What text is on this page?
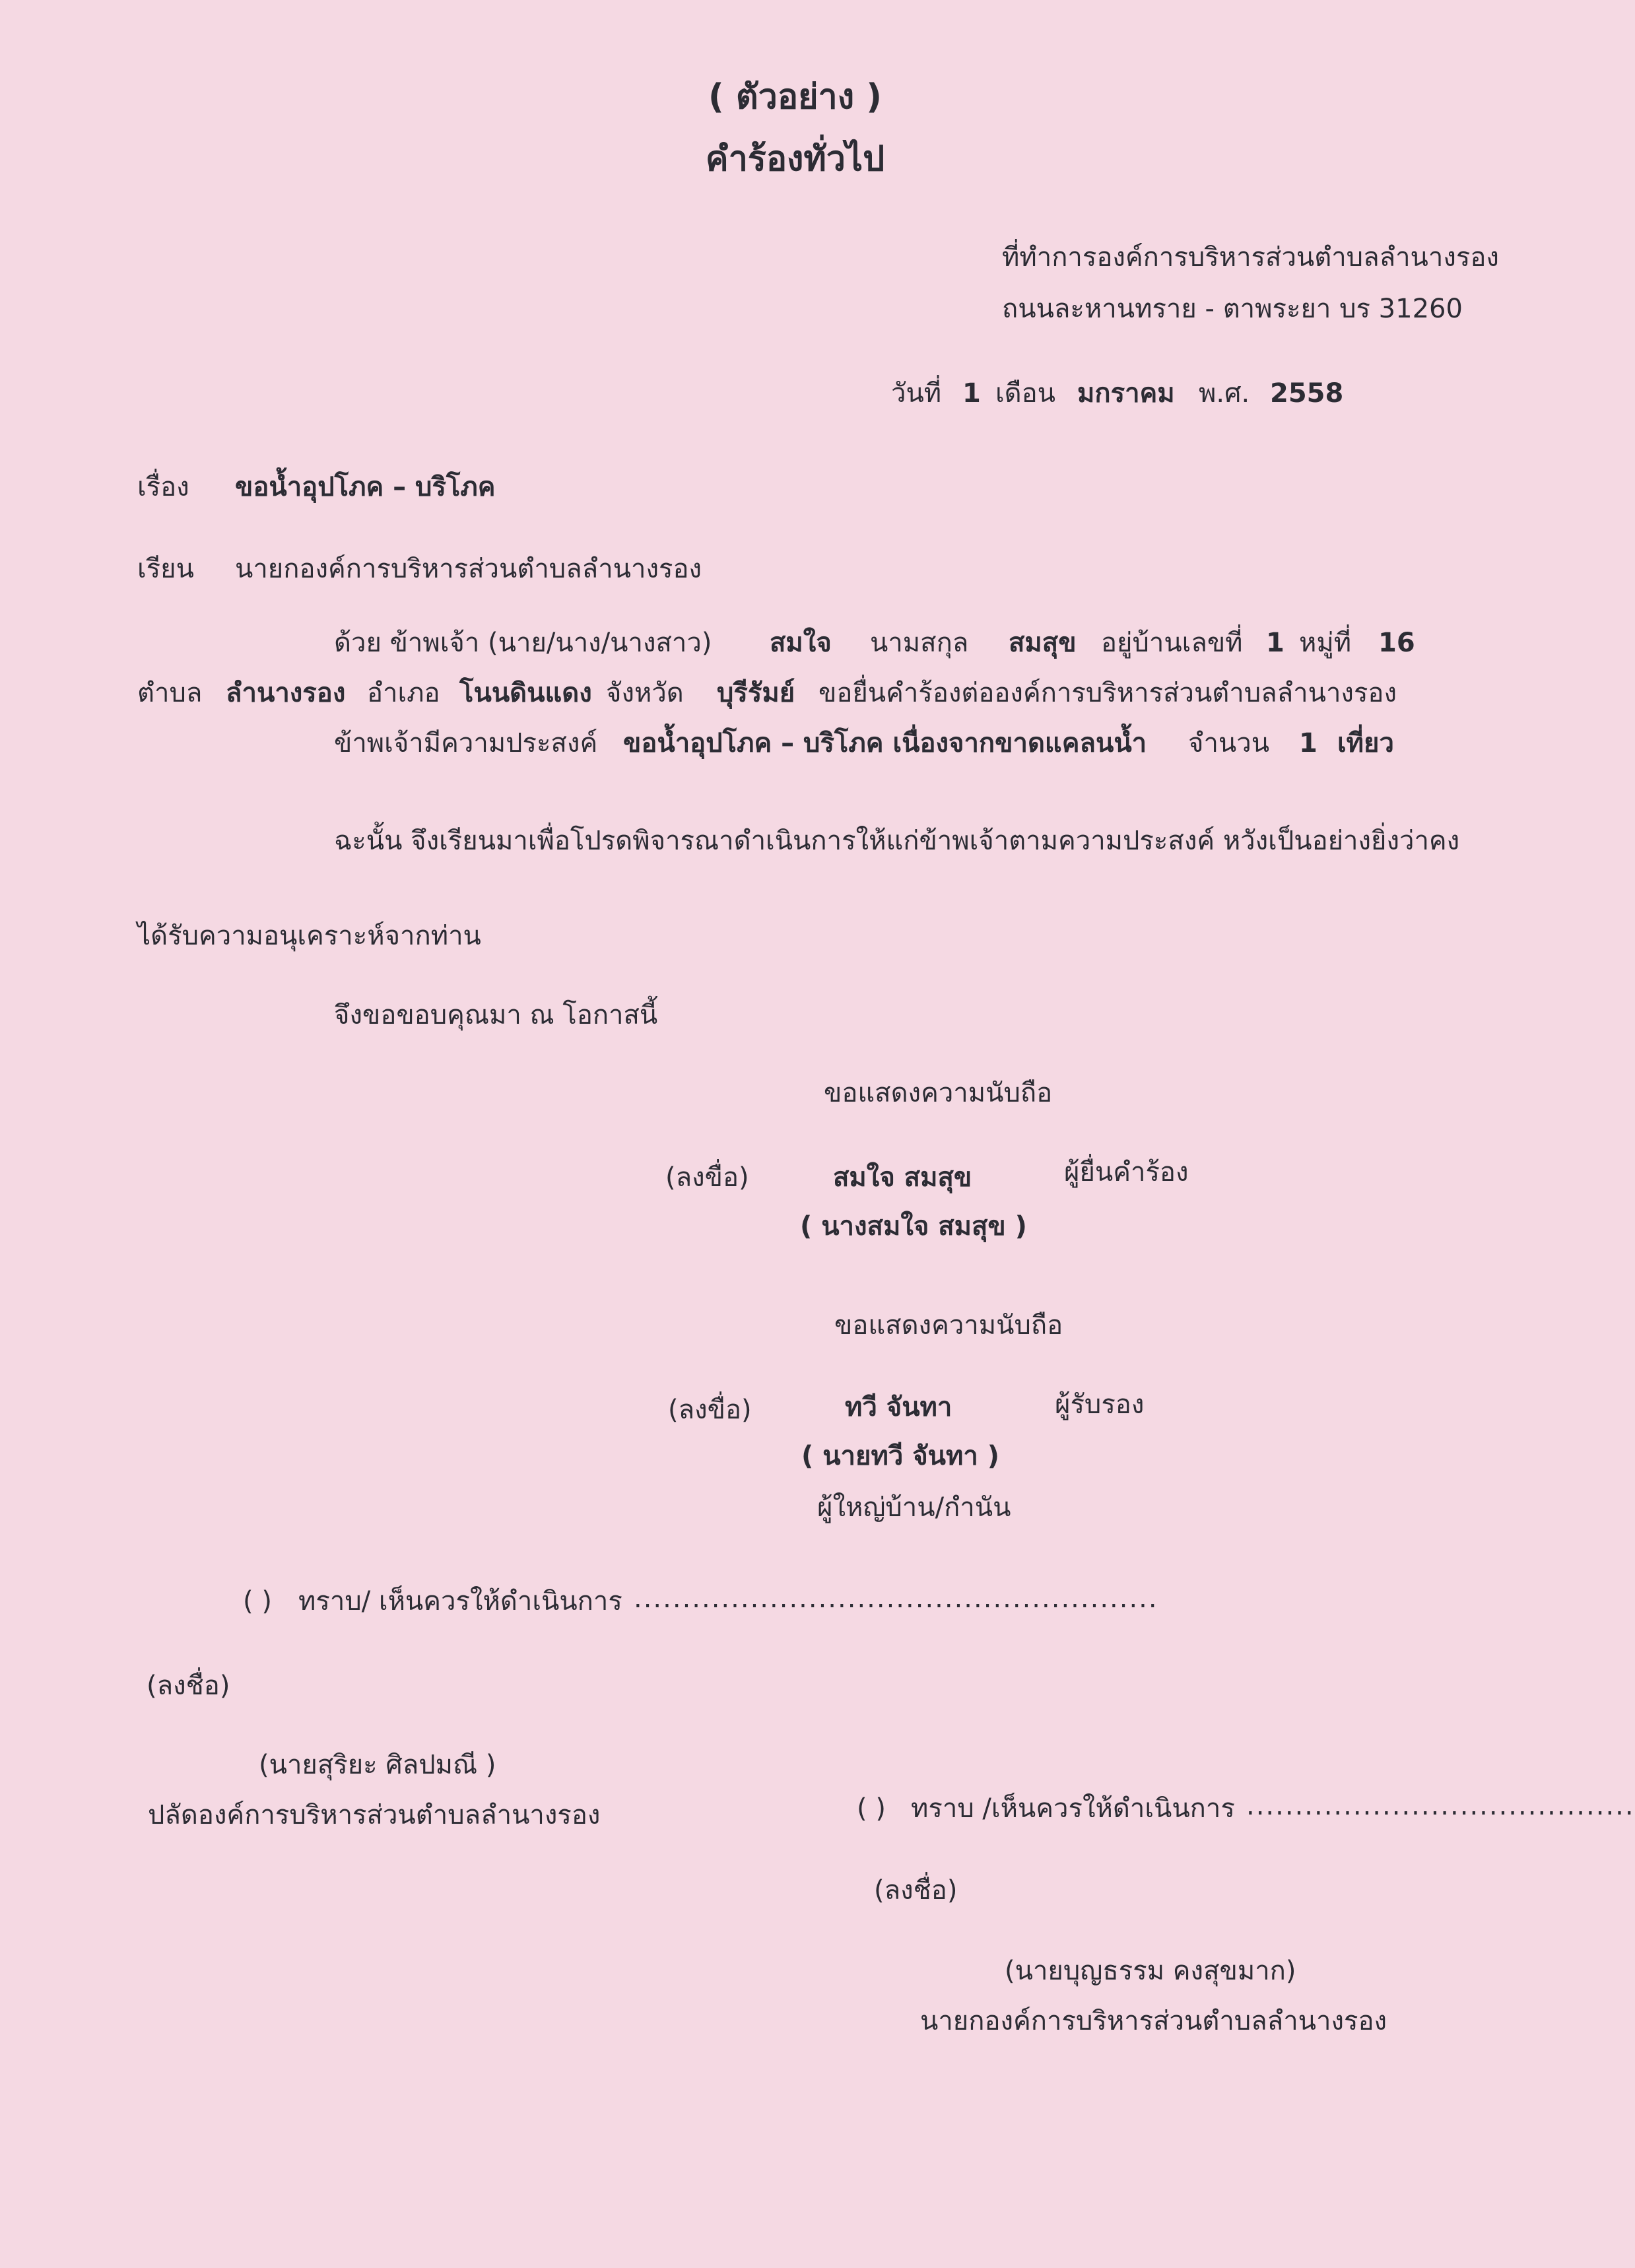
( ตัวอย่าง )
คำร้องทั่วไป
ที่ทำการองค์การบริหารส่วนตำบลลำนางรอง
ถนนละหานทราย - ตาพระยา บร 31260
วันที่ 1 เดือน มกราคม พ.ศ. 2558
เรื่อง ขอน้ำอุปโภค – บริโภค
เรียน นายกองค์การบริหารส่วนตำบลลำนางรอง
ด้วย ข้าพเจ้า (นาย/นาง/นางสาว) สมใจ นามสกุล สมสุข อยู่บ้านเลขที่ 1 หมู่ที่ 16
ตำบล ลำนางรอง อำเภอ โนนดินแดง จังหวัด บุรีรัมย์ ขอยื่นคำร้องต่อองค์การบริหารส่วนตำบลลำนางรอง
ข้าพเจ้ามีความประสงค์ ขอน้ำอุปโภค – บริโภค เนื่องจากขาดแคลนน้ำ จำนวน 1 เที่ยว
ฉะนั้น จึงเรียนมาเพื่อโปรดพิจารณาดำเนินการให้แก่ข้าพเจ้าตามความประสงค์ หวังเป็นอย่างยิ่งว่าคง
ได้รับความอนุเคราะห์จากท่าน
จึงขอขอบคุณมา ณ โอกาสนี้
ขอแสดงความนับถือ
(ลงขื่อ)	สมใจ สมสุข	ผู้ยื่นคำร้อง
( นางสมใจ สมสุข )
ขอแสดงความนับถือ
(ลงขื่อ)	ทวี จันทา	ผู้รับรอง
( นายทวี จันทา )
ผู้ใหญ่บ้าน/กำนัน
( ) ทราบ/ เห็นควรให้ดำเนินการ ......................................................
(ลงชื่อ)
(นายสุริยะ ศิลปมณี )
ปลัดองค์การบริหารส่วนตำบลลำนางรอง	( ) ทราบ /เห็นควรให้ดำเนินการ ........................................
(ลงชื่อ)
(นายบุญธรรม คงสุขมาก)
นายกองค์การบริหารส่วนตำบลลำนางรอง
